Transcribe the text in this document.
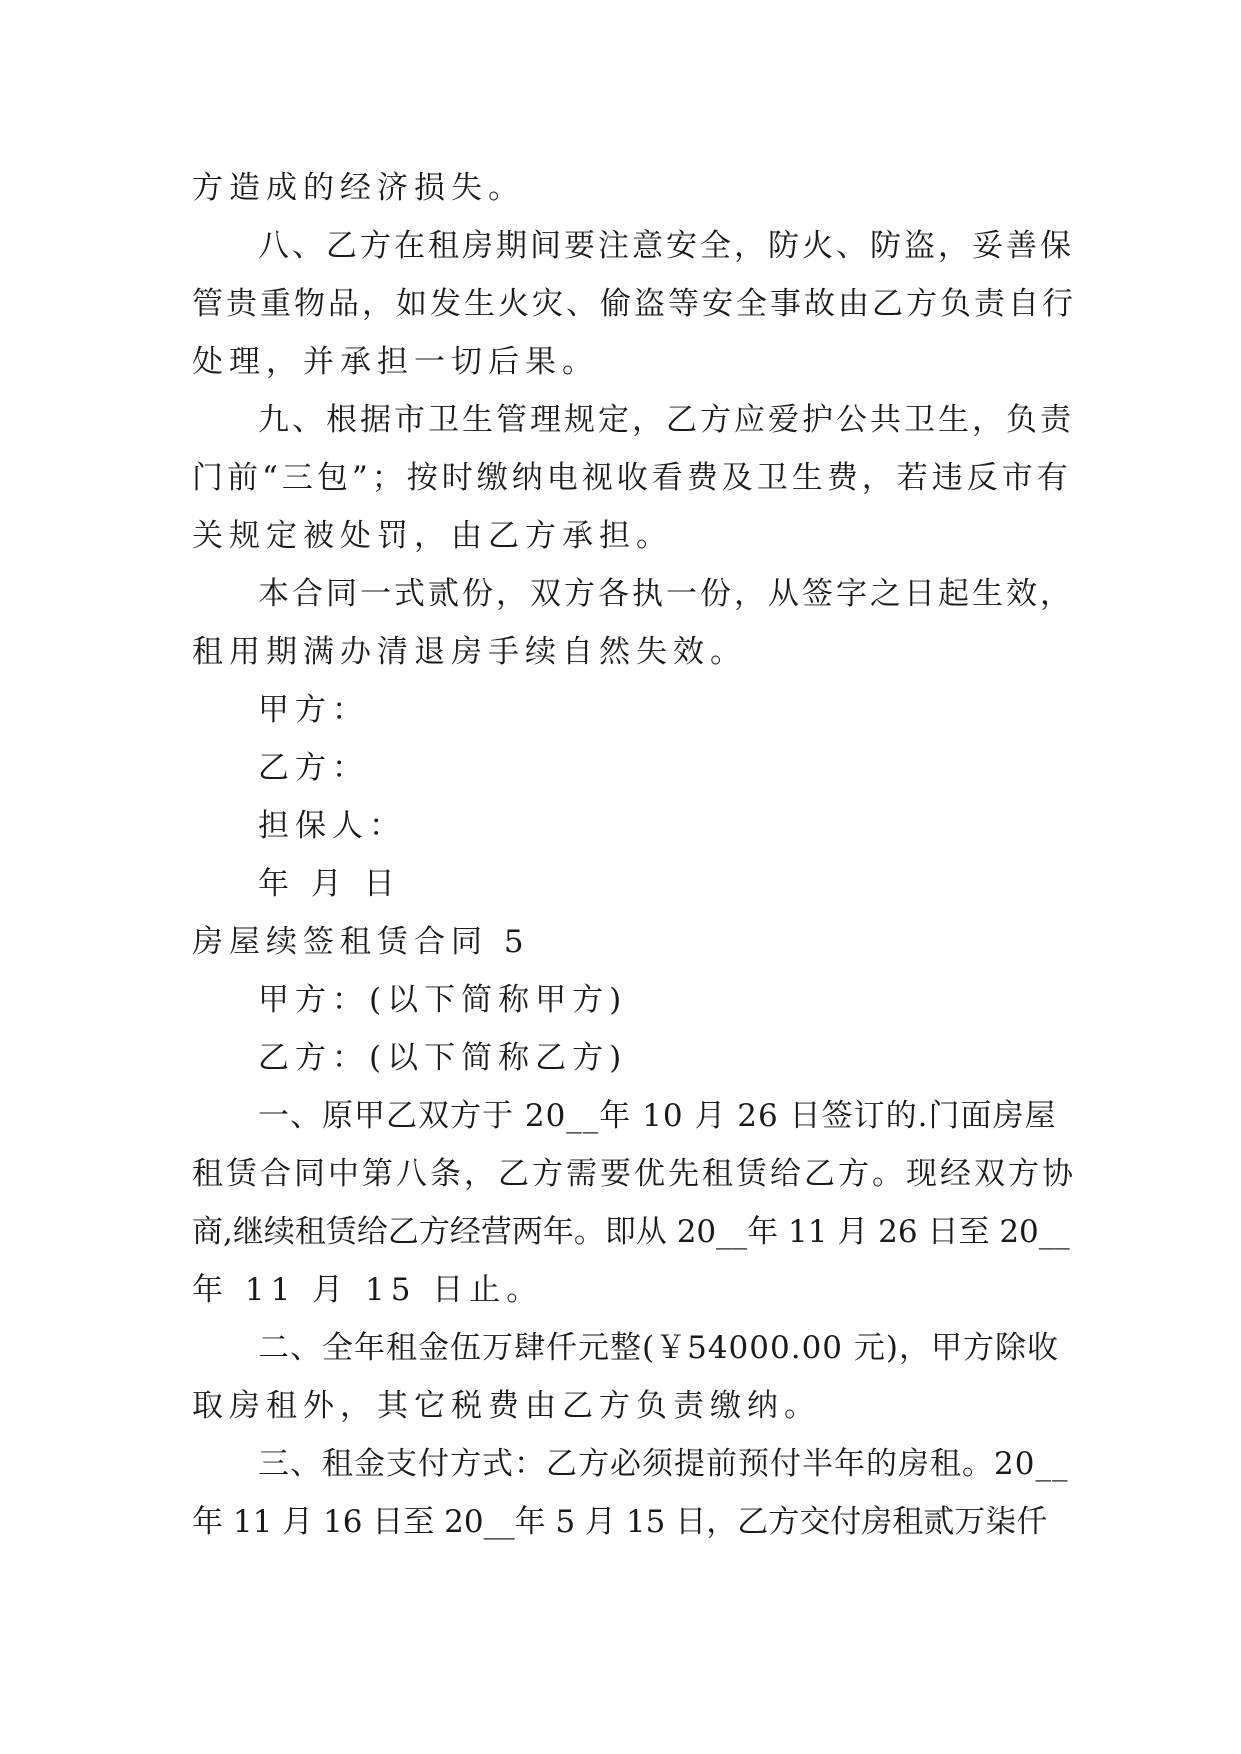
方造成的经济损失。

八、乙方在租房期间要注意安全，防火、防盗，妥善保

管贵重物品，如发生火灾、偷盗等安全事故由乙方负责自行

处理，并承担一切后果。

九、根据市卫生管理规定，乙方应爱护公共卫生，负责

门前“三包”；按时缴纳电视收看费及卫生费，若违反市有

关规定被处罚，由乙方承担。

本合同一式贰份，双方各执一份，从签字之日起生效，

租用期满办清退房手续自然失效。

甲方：

乙方：

担保人：

年 月 日

房屋续签租赁合同 5

甲方：(以下简称甲方)

乙方：(以下简称乙方)

一、原甲乙双方于 20__年 10 月 26 日签订的.门面房屋

租赁合同中第八条，乙方需要优先租赁给乙方。现经双方协

商,继续租赁给乙方经营两年。即从 20__年 11 月 26 日至 20__

年 11 月 15 日止。

二、全年租金伍万肆仟元整(￥54000.00 元)，甲方除收

取房租外，其它税费由乙方负责缴纳。

三、租金支付方式：乙方必须提前预付半年的房租。20__

年 11 月 16 日至 20__年 5 月 15 日，乙方交付房租贰万柒仟
